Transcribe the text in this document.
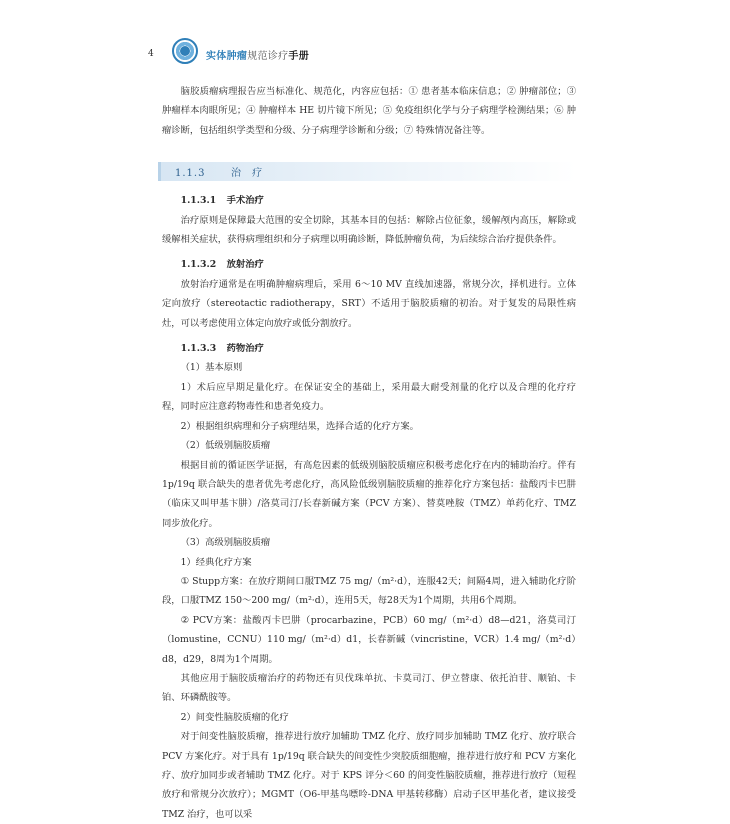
4	实体肿瘤规范诊疗手册

脑胶质瘤病理报告应当标准化、规范化，内容应包括：① 患者基本临床信息；② 肿瘤部位；③ 肿瘤样本肉眼所见；④ 肿瘤样本 HE 切片镜下所见；⑤ 免疫组织化学与分子病理学检测结果；⑥ 肿瘤诊断，包括组织学类型和分级、分子病理学诊断和分级；⑦ 特殊情况备注等。

1.1.3	治 疗

1.1.3.1 手术治疗

治疗原则是保障最大范围的安全切除，其基本目的包括：解除占位征象，缓解颅内高压，解除或缓解相关症状，获得病理组织和分子病理以明确诊断，降低肿瘤负荷，为后续综合治疗提供条件。

1.1.3.2 放射治疗

放射治疗通常是在明确肿瘤病理后，采用 6～10 MV 直线加速器，常规分次，择机进行。立体定向放疗（stereotactic radiotherapy，SRT）不适用于脑胶质瘤的初治。对于复发的局限性病灶，可以考虑使用立体定向放疗或低分割放疗。

1.1.3.3 药物治疗

（1）基本原则

1）术后应早期足量化疗。在保证安全的基础上，采用最大耐受剂量的化疗以及合理的化疗疗程，同时应注意药物毒性和患者免疫力。

2）根据组织病理和分子病理结果，选择合适的化疗方案。

（2）低级别脑胶质瘤

根据目前的循证医学证据，有高危因素的低级别脑胶质瘤应积极考虑化疗在内的辅助治疗。伴有 1p/19q 联合缺失的患者优先考虑化疗，高风险低级别脑胶质瘤的推荐化疗方案包括：盐酸丙卡巴肼（临床又叫甲基卞肼）/洛莫司汀/长春新碱方案（PCV 方案）、替莫唑胺（TMZ）单药化疗、TMZ 同步放化疗。

（3）高级别脑胶质瘤

1）经典化疗方案

① Stupp方案：在放疗期间口服TMZ 75 mg/（m²·d），连服42天；间隔4周，进入辅助化疗阶段，口服TMZ 150～200 mg/（m²·d），连用5天，每28天为1个周期，共用6个周期。

② PCV方案：盐酸丙卡巴肼（procarbazine，PCB）60 mg/（m²·d）d8—d21，洛莫司汀（lomustine，CCNU）110 mg/（m²·d）d1，长春新碱（vincristine，VCR）1.4 mg/（m²·d）d8，d29，8周为1个周期。

其他应用于脑胶质瘤治疗的药物还有贝伐珠单抗、卡莫司汀、伊立替康、依托泊苷、顺铂、卡铂、环磷酰胺等。

2）间变性脑胶质瘤的化疗

对于间变性脑胶质瘤，推荐进行放疗加辅助 TMZ 化疗、放疗同步加辅助 TMZ 化疗、放疗联合 PCV 方案化疗。对于具有 1p/19q 联合缺失的间变性少突胶质细胞瘤，推荐进行放疗和 PCV 方案化疗、放疗加同步或者辅助 TMZ 化疗。对于 KPS 评分＜60 的间变性脑胶质瘤，推荐进行放疗（短程放疗和常规分次放疗）；MGMT（O6-甲基鸟嘌呤-DNA 甲基转移酶）启动子区甲基化者，建议接受 TMZ 治疗，也可以采
